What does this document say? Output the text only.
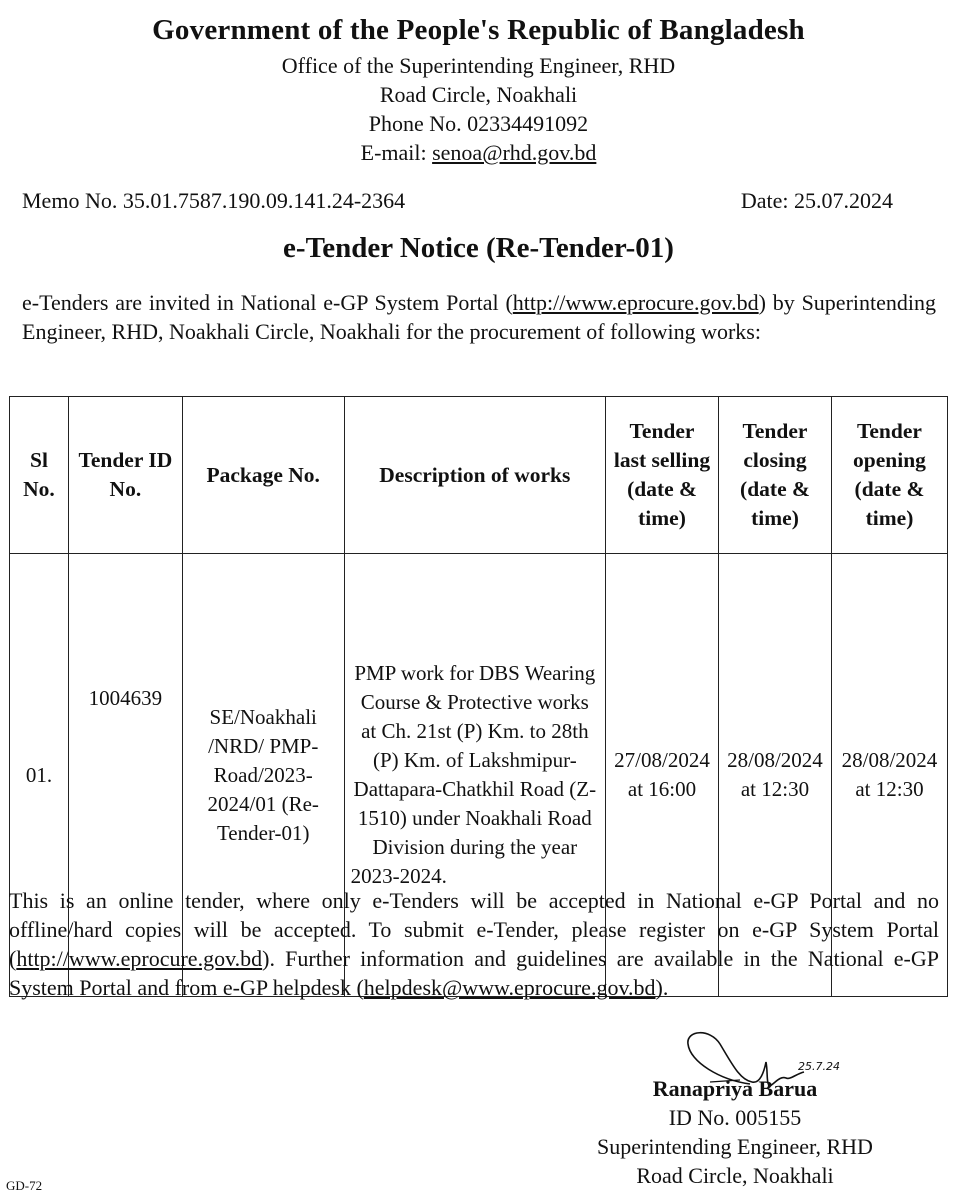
Government of the People's Republic of Bangladesh
Office of the Superintending Engineer, RHD
Road Circle, Noakhali
Phone No. 02334491092
E-mail: senoa@rhd.gov.bd
Memo No. 35.01.7587.190.09.141.24-2364	Date: 25.07.2024
e-Tender Notice (Re-Tender-01)
e-Tenders are invited in National e-GP System Portal (http://www.eprocure.gov.bd) by Superintending Engineer, RHD, Noakhali Circle, Noakhali for the procurement of following works:
Sl No.	Tender ID No.	Package No.	Description of works	Tender last selling (date & time)	Tender closing (date & time)	Tender opening (date & time)
01.	1004639	SE/Noakhali /NRD/ PMP-Road/2023-2024/01 (Re-Tender-01)	PMP work for DBS Wearing Course & Protective works at Ch. 21st (P) Km. to 28th (P) Km. of Lakshmipur-Dattapara-Chatkhil Road (Z-1510) under Noakhali Road Division during the year 2023-2024.	27/08/2024 at 16:00	28/08/2024 at 12:30	28/08/2024 at 12:30
This is an online tender, where only e-Tenders will be accepted in National e-GP Portal and no offline/hard copies will be accepted. To submit e-Tender, please register on e-GP System Portal (http://www.eprocure.gov.bd). Further information and guidelines are available in the National e-GP System Portal and from e-GP helpdesk (helpdesk@www.eprocure.gov.bd).
25.7.24
Ranapriya Barua
ID No. 005155
Superintending Engineer, RHD
Road Circle, Noakhali
GD-72
